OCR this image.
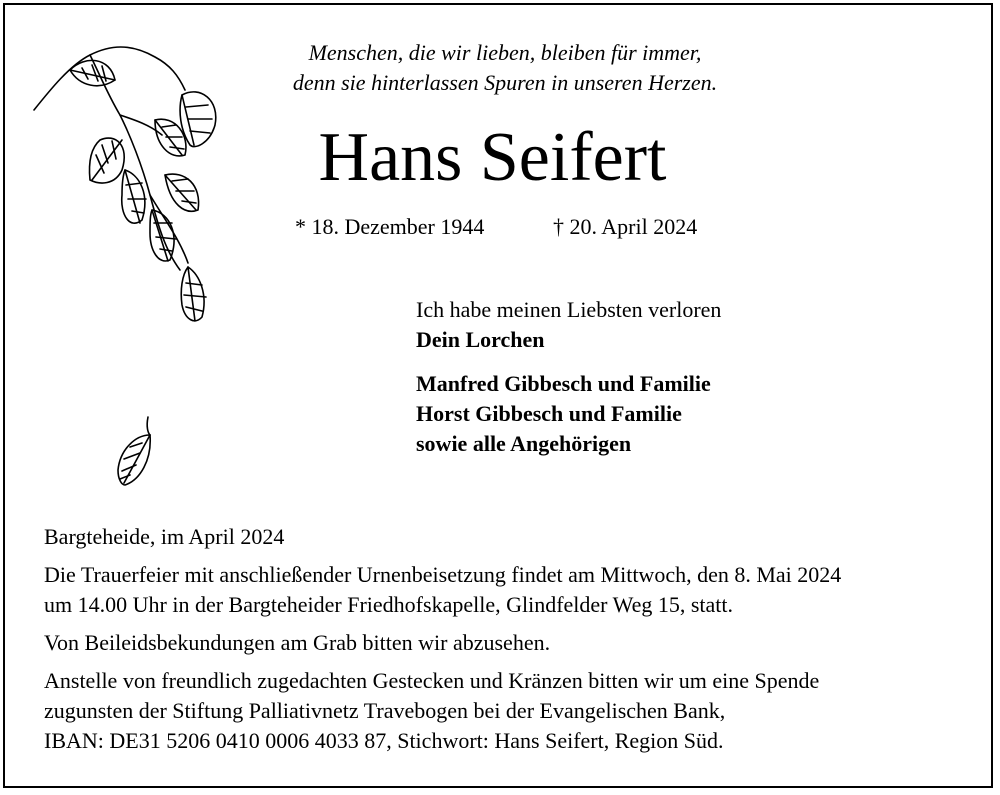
Menschen, die wir lieben, bleiben für immer,
denn sie hinterlassen Spuren in unseren Herzen.
Hans Seifert
* 18. Dezember 1944	† 20. April 2024
Ich habe meinen Liebsten verloren
Dein Lorchen
Manfred Gibbesch und Familie
Horst Gibbesch und Familie
sowie alle Angehörigen

Bargteheide, im April 2024

Die Trauerfeier mit anschließender Urnenbeisetzung findet am Mittwoch, den 8. Mai 2024

um 14.00 Uhr in der Bargteheider Friedhofskapelle, Glindfelder Weg 15, statt.

Von Beileidsbekundungen am Grab bitten wir abzusehen.

Anstelle von freundlich zugedachten Gestecken und Kränzen bitten wir um eine Spende

zugunsten der Stiftung Palliativnetz Travebogen bei der Evangelischen Bank,

IBAN: DE31 5206 0410 0006 4033 87, Stichwort: Hans Seifert, Region Süd.
